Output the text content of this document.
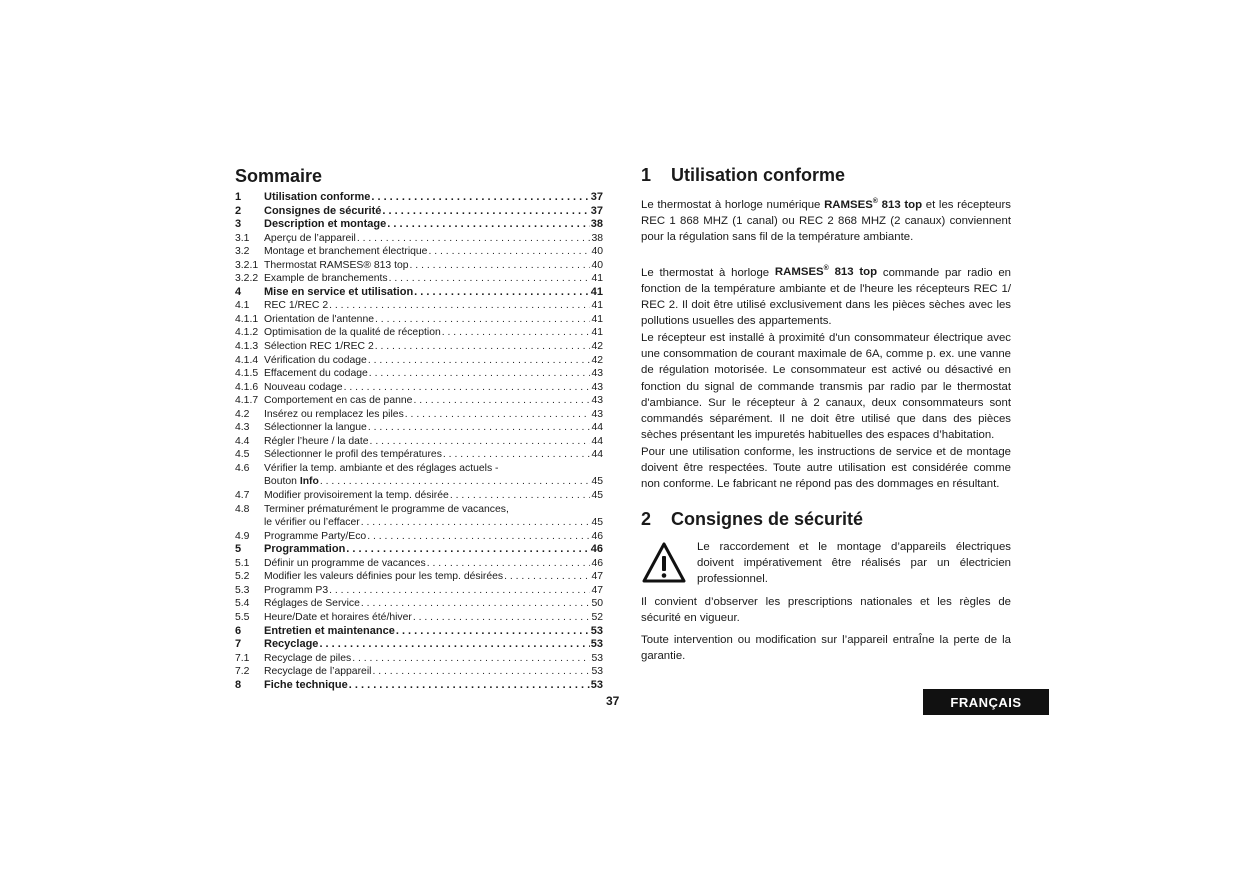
Sommaire
1	Utilisation conforme . . .	37
2	Consignes de sécurité . . .	37
3	Description et montage . . .	38
3.1	Aperçu de l’appareil . . .	38
3.2	Montage et branchement électrique . . .	40
3.2.1 Thermostat RAMSES® 813 top . . .	40
3.2.2 Example de branchements . . .	41
4	Mise en service et utilisation . . .	41
4.1	REC 1/REC 2 . . .	41
4.1.1 Orientation de l'antenne . . .	41
4.1.2 Optimisation de la qualité de réception . . .	41
4.1.3 Sélection REC 1/REC 2 . . .	42
4.1.4 Vérification du codage . . .	42
4.1.5 Effacement du codage . . .	43
4.1.6 Nouveau codage . . .	43
4.1.7 Comportement en cas de panne . . .	43
4.2	Insérez ou remplacez les piles . . .	43
4.3	Sélectionner la langue . . .	44
4.4	Régler l’heure / la date . . .	44
4.5	Sélectionner le profil des températures . . .	44
4.6	Vérifier la temp. ambiante et des réglages actuels -
Bouton Info . . .	45
4.7	Modifier provisoirement la temp. désirée . . .	45
4.8	Terminer prématurément le programme de vacances,
le vérifier ou l’effacer . . .	45
4.9	Programme Party/Eco . . .	46
5	Programmation . . .	46
5.1	Définir un programme de vacances . . .	46
5.2	Modifier les valeurs définies pour les temp. désirées . . .	47
5.3	Programm P3 . . .	47
5.4	Réglages de Service . . .	50
5.5	Heure/Date et horaires été/hiver . . .	52
6	Entretien et maintenance . . .	53
7	Recyclage . . .	53
7.1	Recyclage de piles . . .	53
7.2	Recyclage de l’appareil . . .	53
8	Fiche technique . . .	53
37
1	Utilisation conforme

Le thermostat à horloge numérique RAMSES® 813 top et les récepteurs REC 1 868 MHZ (1 canal) ou REC 2 868 MHZ (2 canaux) conviennent pour la régulation sans fil de la température ambiante.

Le thermostat à horloge RAMSES® 813 top commande par radio en fonction de la température ambiante et de l'heure les récepteurs REC 1/ REC 2. Il doit être utilisé exclusivement dans les pièces sèches avec les pollutions usuelles des appartements.

Le récepteur est installé à proximité d'un consommateur électrique avec une consommation de courant maximale de 6A, comme p. ex. une vanne de régulation motorisée. Le consommateur est activé ou désactivé en fonction du signal de commande transmis par radio par le thermostat d'ambiance. Sur le récepteur à 2 canaux, deux consommateurs sont commandés séparément. Il ne doit être utilisé que dans des pièces sèches présentant les impuretés habituelles des espaces d’habitation.

Pour une utilisation conforme, les instructions de service et de montage doivent être respectées. Toute autre utilisation est considérée comme non conforme. Le fabricant ne répond pas des dommages en résultant.

2	Consignes de sécurité

Le raccordement et le montage d’appareils électriques doivent impérativement être réalisés par un électricien professionnel.

Il convient d’observer les prescriptions nationales et les règles de sécurité en vigueur.

Toute intervention ou modification sur l’appareil entraÎne la perte de la garantie.

FRANÇAIS
